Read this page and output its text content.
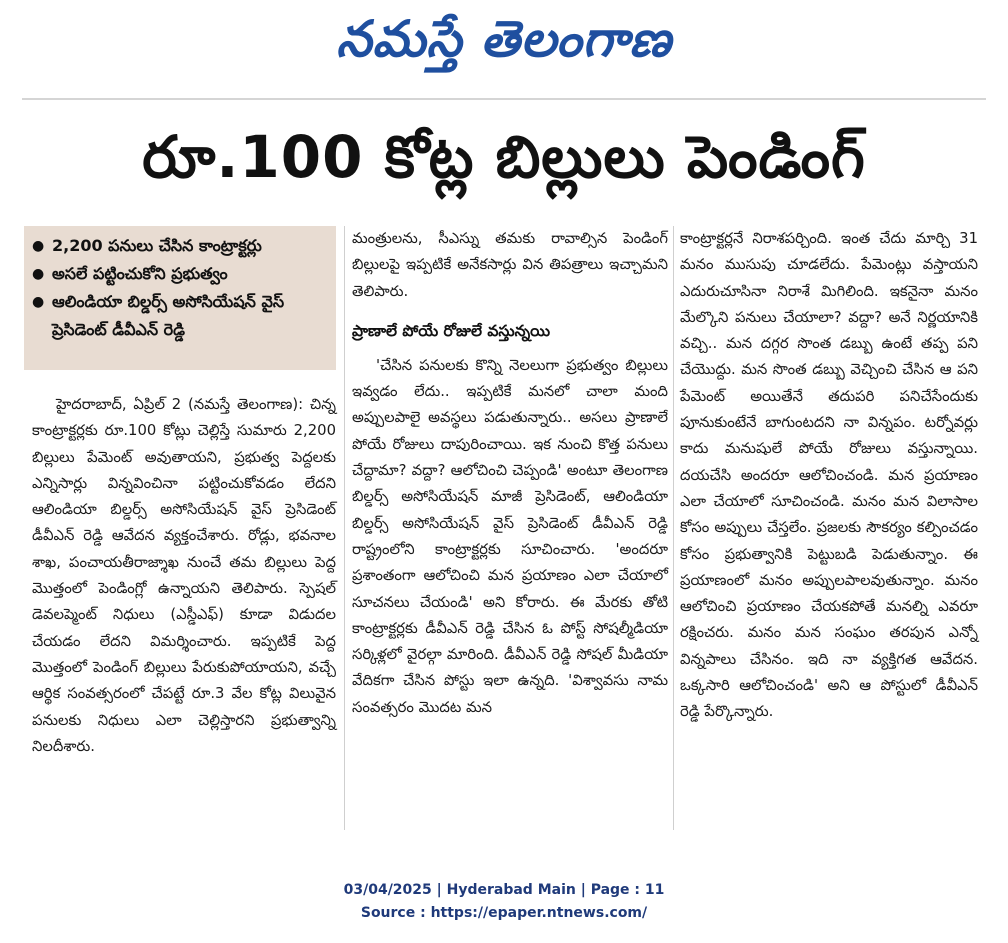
నమస్తే తెలంగాణ
రూ.100 కోట్ల బిల్లులు పెండింగ్
● 2,200 పనులు చేసిన కాంట్రాక్టర్లు
● అసలే పట్టించుకోని ప్రభుత్వం
● ఆలిండియా బిల్డర్స్ అసోసియేషన్ వైస్ ప్రెసిడెంట్ డీవీఎన్ రెడ్డి

హైదరాబాద్, ఏప్రిల్ 2 (నమస్తే తెలంగాణ): చిన్న కాంట్రాక్టర్లకు రూ.100 కోట్లు చెల్లిస్తే సుమారు 2,200 బిల్లులు పేమెంట్ అవుతాయని, ప్రభుత్వ పెద్దలకు ఎన్నిసార్లు విన్నవించినా పట్టించుకోవడం లేదని ఆలిండియా బిల్డర్స్ అసోసియేషన్ వైస్ ప్రెసిడెంట్ డీవీఎన్ రెడ్డి ఆవేదన వ్యక్తంచేశారు. రోడ్లు, భవనాల శాఖ, పంచాయతీరాజ్శాఖ నుంచే తమ బిల్లులు పెద్ద మొత్తంలో పెండింగ్లో ఉన్నాయని తెలిపారు. స్పెషల్ డెవలప్మెంట్ నిధులు (ఎస్డీఎఫ్) కూడా విడుదల చేయడం లేదని విమర్శించారు. ఇప్పటికే పెద్ద మొత్తంలో పెండింగ్ బిల్లులు పేరుకుపోయాయని, వచ్చే ఆర్థిక సంవత్సరంలో చేపట్టే రూ.3 వేల కోట్ల విలువైన పనులకు నిధులు ఎలా చెల్లిస్తారని ప్రభుత్వాన్ని నిలదీశారు.

మంత్రులను, సీఎస్ను తమకు రావాల్సిన పెండింగ్ బిల్లులపై ఇప్పటికే అనేకసార్లు విన తిపత్రాలు ఇచ్చామని తెలిపారు.

ప్రాణాలే పోయే రోజులే వస్తున్నయి

'చేసిన పనులకు కొన్ని నెలలుగా ప్రభుత్వం బిల్లులు ఇవ్వడం లేదు.. ఇప్పటికే మనలో చాలా మంది అప్పులపాలై అవస్థలు పడుతున్నారు.. అసలు ప్రాణాలే పోయే రోజులు దాపురించాయి. ఇక నుంచి కొత్త పనులు చేద్దామా? వద్దా? ఆలోచించి చెప్పండి' అంటూ తెలంగాణ బిల్డర్స్ అసోసియేషన్ మాజీ ప్రెసిడెంట్, ఆలిండియా బిల్డర్స్ అసోసియేషన్ వైస్ ప్రెసిడెంట్ డీవీఎన్ రెడ్డి రాష్ట్రంలోని కాంట్రాక్టర్లకు సూచించారు. 'అందరూ ప్రశాంతంగా ఆలోచించి మన ప్రయాణం ఎలా చేయాలో సూచనలు చేయండి' అని కోరారు. ఈ మేరకు తోటి కాంట్రాక్టర్లకు డీవీఎన్ రెడ్డి చేసిన ఓ పోస్ట్ సోషల్మీడియా సర్కిళ్లలో వైరల్గా మారింది. డీవీఎన్ రెడ్డి సోషల్ మీడియా వేదికగా చేసిన పోస్టు ఇలా ఉన్నది. 'విశ్వావసు నామ సంవత్సరం మొదట మన

కాంట్రాక్టర్లనే నిరాశపర్చింది. ఇంత చేదు మార్చి 31 మనం ముసుపు చూడలేదు. పేమెంట్లు వస్తాయని ఎదురుచూసినా నిరాశే మిగిలింది. ఇకనైనా మనం మేల్కొని పనులు చేయాలా? వద్దా? అనే నిర్ణయానికి వచ్చి.. మన దగ్గర సొంత డబ్బు ఉంటే తప్ప పని చేయొద్దు. మన సొంత డబ్బు వెచ్చించి చేసిన ఆ పని పేమెంట్ అయితేనే తదుపరి పనిచేసేందుకు పూనుకుంటేనే బాగుంటదని నా విన్నపం. టర్నోవర్లు కాదు మనుషులే పోయే రోజులు వస్తున్నాయి. దయచేసి అందరూ ఆలోచించండి. మన ప్రయాణం ఎలా చేయాలో సూచించండి. మనం మన విలాసాల కోసం అప్పులు చేస్తలేం. ప్రజలకు సౌకర్యం కల్పించడం కోసం ప్రభుత్వానికి పెట్టుబడి పెడుతున్నాం. ఈ ప్రయాణంలో మనం అప్పులపాలవుతున్నాం. మనం ఆలోచించి ప్రయాణం చేయకపోతే మనల్ని ఎవరూ రక్షించరు. మనం మన సంఘం తరపున ఎన్నో విన్నపాలు చేసినం. ఇది నా వ్యక్తిగత ఆవేదన. ఒక్కసారి ఆలోచించండి' అని ఆ పోస్టులో డీవీఎన్ రెడ్డి పేర్కొన్నారు.

03/04/2025 | Hyderabad Main | Page : 11
Source : https://epaper.ntnews.com/
